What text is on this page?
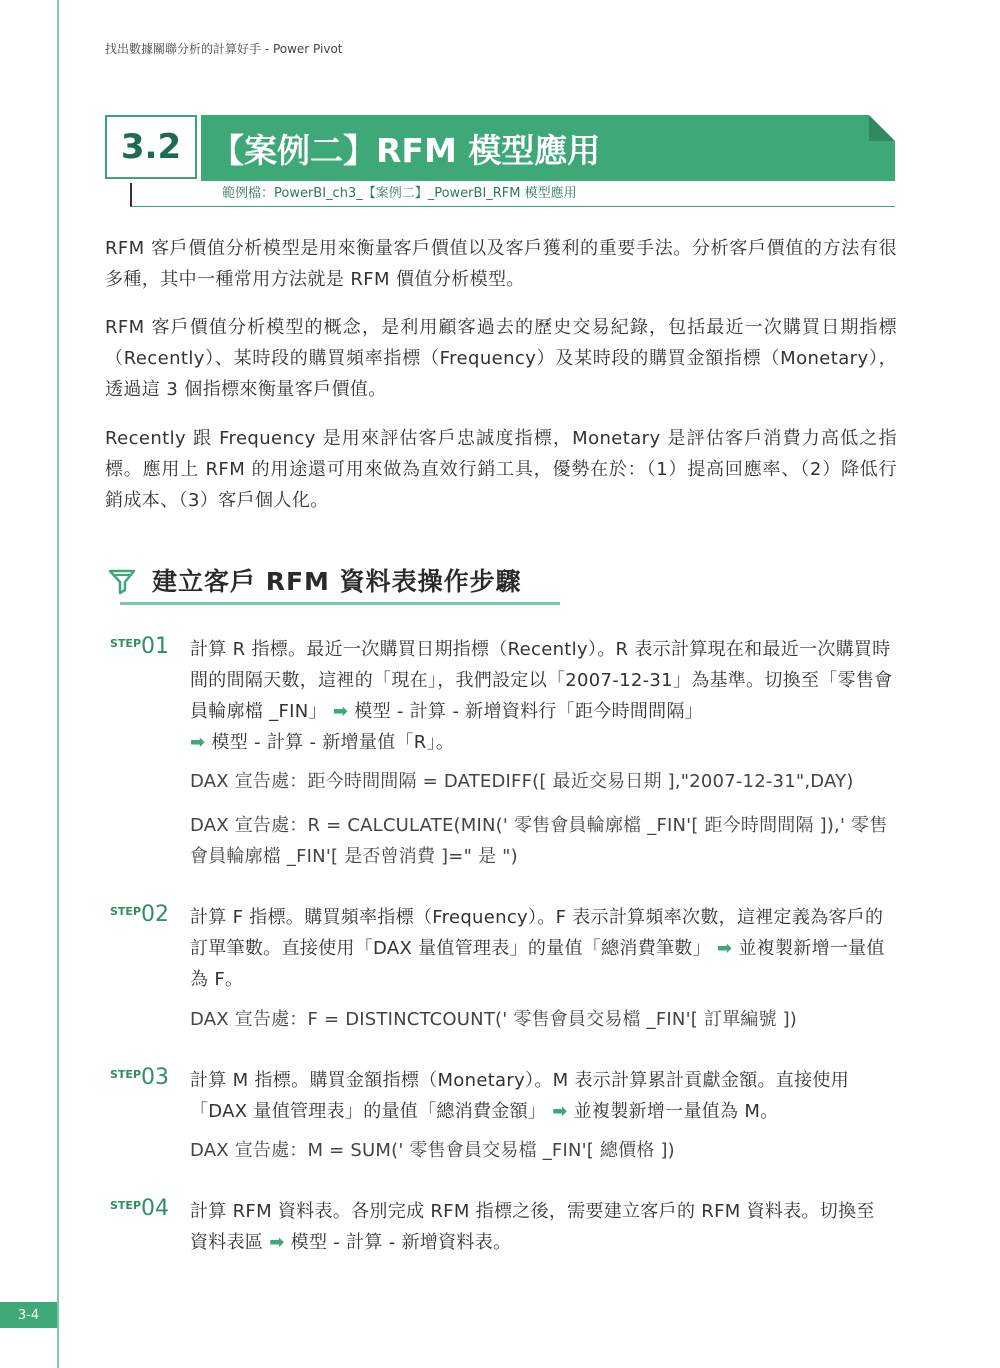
找出數據關聯分析的計算好手 - Power Pivot
3.2 【案例二】RFM 模型應用
範例檔：PowerBI_ch3_【案例二】_PowerBI_RFM 模型應用

RFM 客戶價值分析模型是用來衡量客戶價值以及客戶獲利的重要手法。分析客戶價值的方法有很多種，其中一種常用方法就是 RFM 價值分析模型。

RFM 客戶價值分析模型的概念，是利用顧客過去的歷史交易紀錄，包括最近一次購買日期指標（Recently）、某時段的購買頻率指標（Frequency）及某時段的購買金額指標（Monetary），透過這 3 個指標來衡量客戶價值。

Recently 跟 Frequency 是用來評估客戶忠誠度指標，Monetary 是評估客戶消費力高低之指標。應用上 RFM 的用途還可用來做為直效行銷工具，優勢在於：（1）提高回應率、（2）降低行銷成本、（3）客戶個人化。

建立客戶 RFM 資料表操作步驟
$^{STEP}$01 計算 R 指標。最近一次購買日期指標（Recently）。R 表示計算現在和最近一次購買時間的間隔天數，這裡的「現在」，我們設定以「2007-12-31」為基準。切換至「零售會員輪廓檔 _FIN」 ➡ 模型 - 計算 - 新增資料行「距今時間間隔」
➡ 模型 - 計算 - 新增量值「R」。

DAX 宣告處：距今時間間隔 = DATEDIFF([ 最近交易日期 ],"2007-12-31",DAY)

DAX 宣告處：R = CALCULATE(MIN(' 零售會員輪廓檔 _FIN'[ 距今時間間隔 ]),' 零售會員輪廓檔 _FIN'[ 是否曾消費 ]=" 是 ")

$^{STEP}$02 計算 F 指標。購買頻率指標（Frequency）。F 表示計算頻率次數，這裡定義為客戶的訂單筆數。直接使用「DAX 量值管理表」的量值「總消費筆數」 ➡ 並複製新增一量值為 F。

DAX 宣告處：F = DISTINCTCOUNT(' 零售會員交易檔 _FIN'[ 訂單編號 ])

$^{STEP}$03 計算 M 指標。購買金額指標（Monetary）。M 表示計算累計貢獻金額。直接使用 「DAX 量值管理表」的量值「總消費金額」 ➡ 並複製新增一量值為 M。

DAX 宣告處：M = SUM(' 零售會員交易檔 _FIN'[ 總價格 ])

$^{STEP}$04 計算 RFM 資料表。各別完成 RFM 指標之後，需要建立客戶的 RFM 資料表。切換至 資料表區 ➡ 模型 - 計算 - 新增資料表。

3-4
